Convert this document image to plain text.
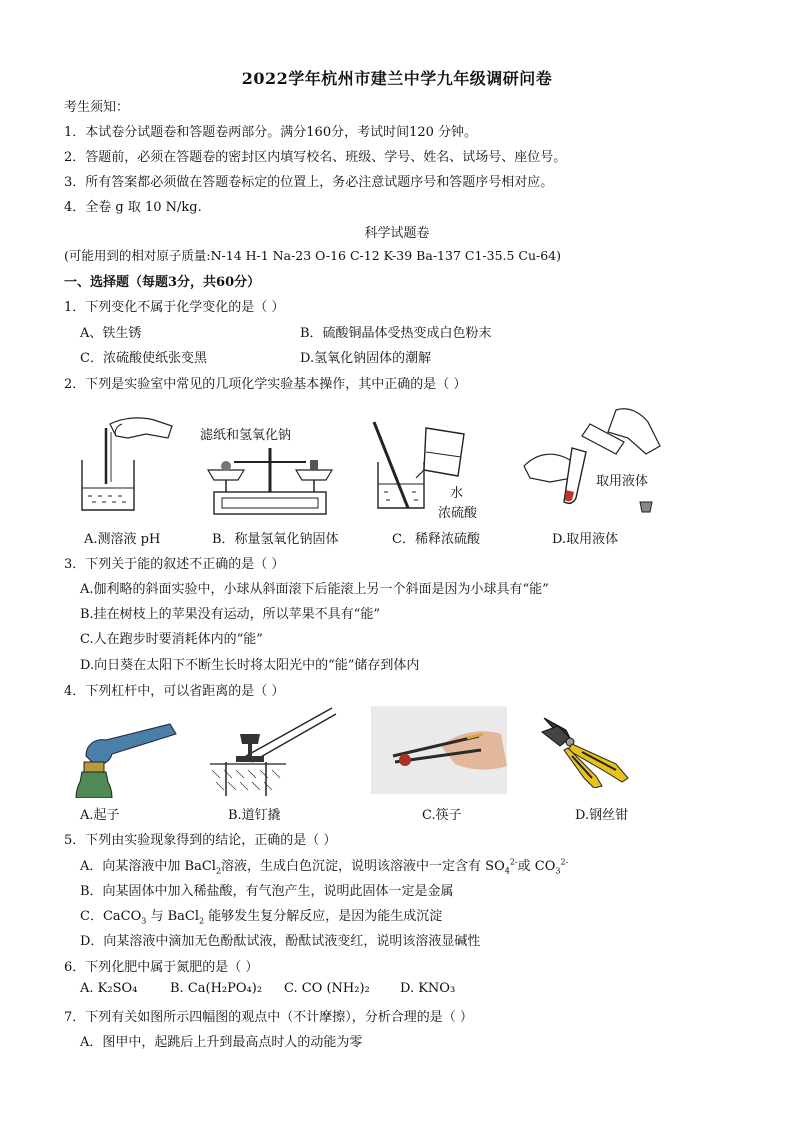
2022学年杭州市建兰中学九年级调研问卷
考生须知：
1．本试卷分试题卷和答题卷两部分。满分160分，考试时间120 分钟。
2．答题前，必须在答题卷的密封区内填写校名、班级、学号、姓名、试场号、座位号。
3．所有答案都必须做在答题卷标定的位置上，务必注意试题序号和答题序号相对应。
4．全卷 g 取 10 N/kg.
科学试题卷
(可能用到的相对原子质量:N-14 H-1 Na-23 O-16 C-12 K-39 Ba-137 C1-35.5 Cu-64)
一、选择题（每题3分，共60分）
1．下列变化不属于化学变化的是（ ）
A、铁生锈	B．硫酸铜晶体受热变成白色粉末
C．浓硫酸使纸张变黑	D.氢氧化钠固体的潮解
2．下列是实验室中常见的几项化学实验基本操作，其中正确的是（ ）
滤纸和氢氧化钠
水
浓硫酸
取用液体
A.测溶液 pH	B．称量氢氧化钠固体	C．稀释浓硫酸	D.取用液体
3．下列关于能的叙述不正确的是（ ）
A.伽利略的斜面实验中，小球从斜面滚下后能滚上另一个斜面是因为小球具有“能”
B.挂在树枝上的苹果没有运动，所以苹果不具有“能”
C.人在跑步时要消耗体内的“能”
D.向日葵在太阳下不断生长时将太阳光中的“能”储存到体内
4．下列杠杆中，可以省距离的是（ ）
A.起子	B.道钉撬	C.筷子	D.钢丝钳
5．下列由实验现象得到的结论，正确的是（ ）
A．向某溶液中加 BaCl$_2$溶液，生成白色沉淀，说明该溶液中一定含有 $SO_4^{2-}$或 $CO_3^{2-}$
B．向某固体中加入稀盐酸，有气泡产生，说明此固体一定是金属
C．CaCO$_3$ 与 BaCl$_2$ 能够发生复分解反应，是因为能生成沉淀
D．向某溶液中滴加无色酚酞试液，酚酞试液变红，说明该溶液显碱性
6．下列化肥中属于氮肥的是（ ）
A. K₂SO₄	B. Ca(H₂PO₄)₂ C. CO (NH₂)₂ D. KNO₃
7．下列有关如图所示四幅图的观点中（不计摩擦），分析合理的是（ ）
A．图甲中，起跳后上升到最高点时人的动能为零
